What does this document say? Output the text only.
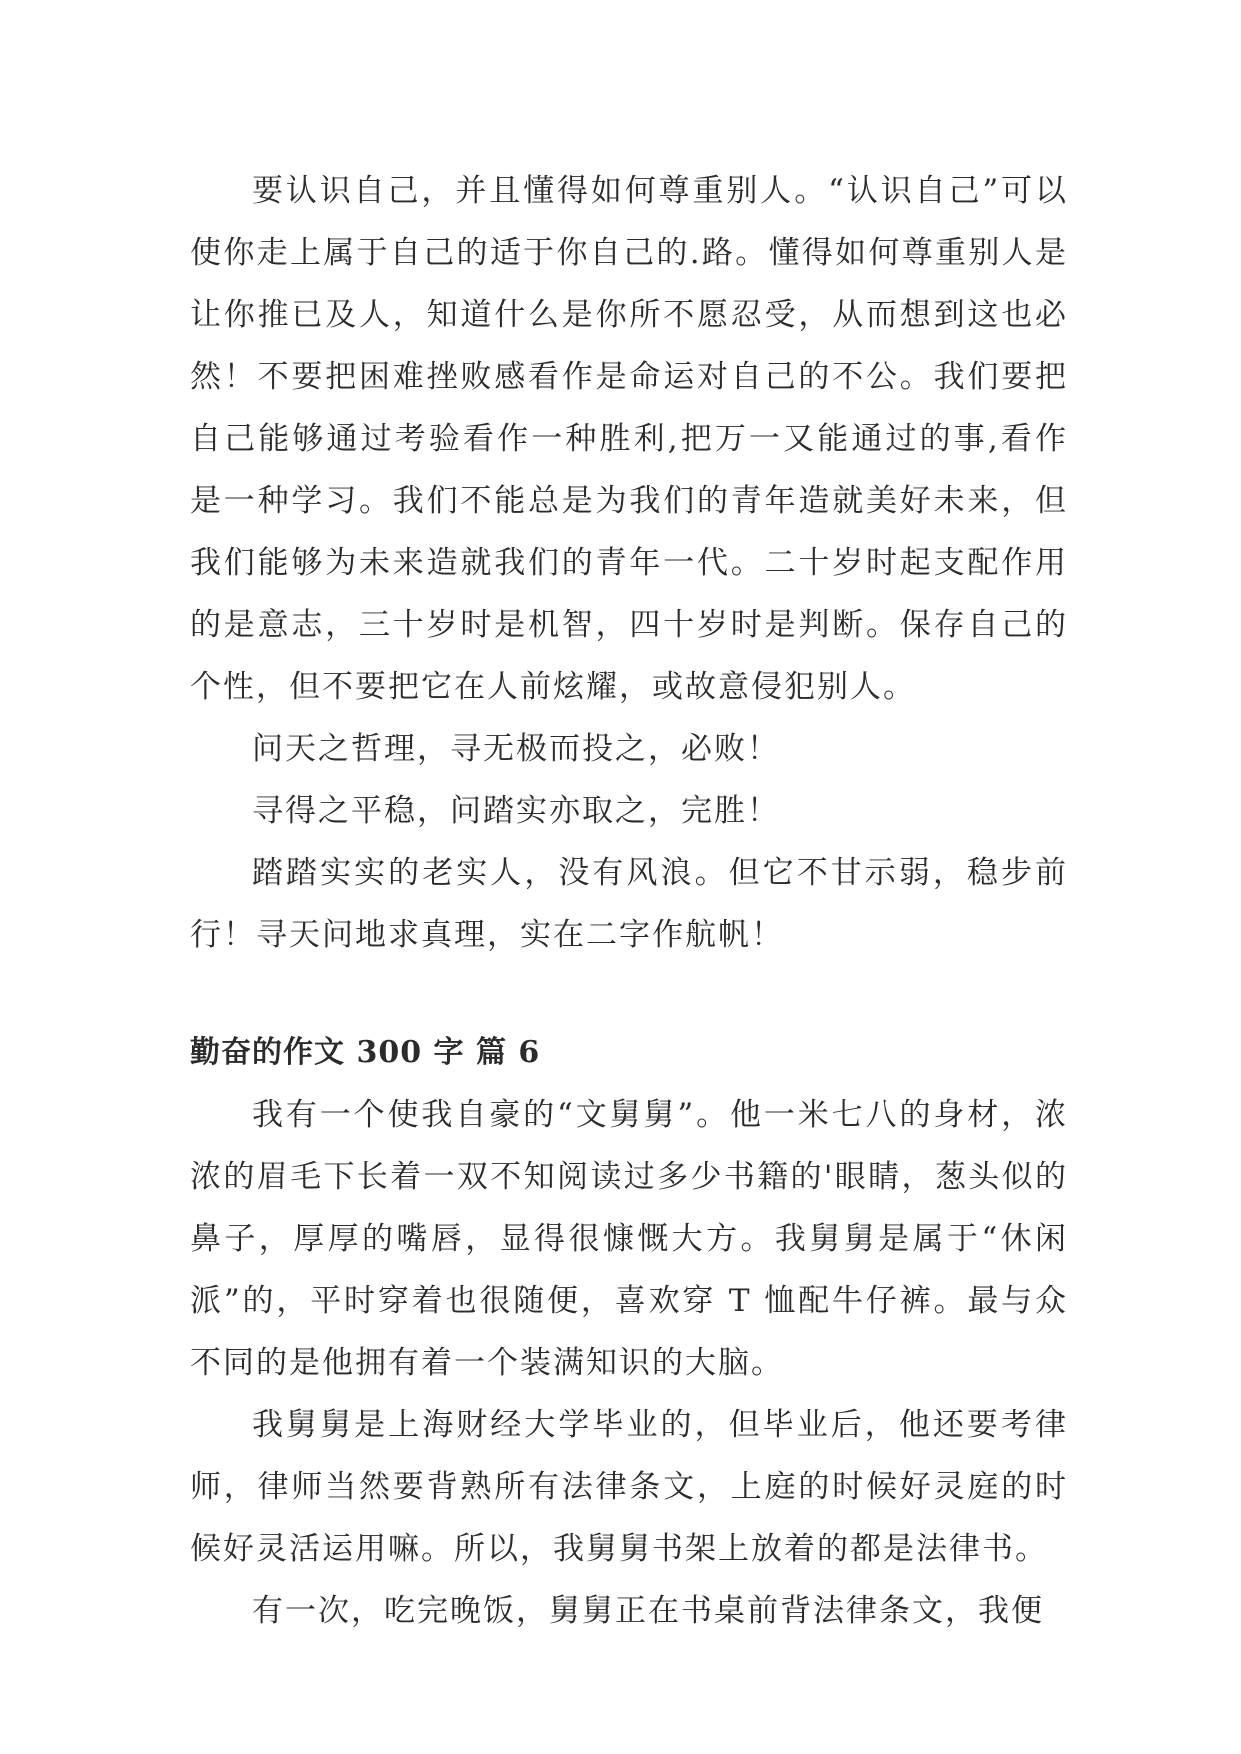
要认识自己，并且懂得如何尊重别人。“认识自己”可以使你走上属于自己的适于你自己的.路。懂得如何尊重别人是让你推已及人，知道什么是你所不愿忍受，从而想到这也必然！不要把困难挫败感看作是命运对自己的不公。我们要把自己能够通过考验看作一种胜利,把万一又能通过的事,看作是一种学习。我们不能总是为我们的青年造就美好未来，但我们能够为未来造就我们的青年一代。二十岁时起支配作用的是意志，三十岁时是机智，四十岁时是判断。保存自己的个性，但不要把它在人前炫耀，或故意侵犯别人。

问天之哲理，寻无极而投之，必败！

寻得之平稳，问踏实亦取之，完胜！

踏踏实实的老实人，没有风浪。但它不甘示弱，稳步前行！寻天问地求真理，实在二字作航帆！

勤奋的作文 300 字 篇 6

我有一个使我自豪的“文舅舅”。他一米七八的身材，浓浓的眉毛下长着一双不知阅读过多少书籍的'眼睛，葱头似的鼻子，厚厚的嘴唇，显得很慷慨大方。我舅舅是属于“休闲派”的，平时穿着也很随便，喜欢穿 T 恤配牛仔裤。最与众不同的是他拥有着一个装满知识的大脑。

我舅舅是上海财经大学毕业的，但毕业后，他还要考律师，律师当然要背熟所有法律条文，上庭的时候好灵庭的时候好灵活运用嘛。所以，我舅舅书架上放着的都是法律书。

有一次，吃完晚饭，舅舅正在书桌前背法律条文，我便
